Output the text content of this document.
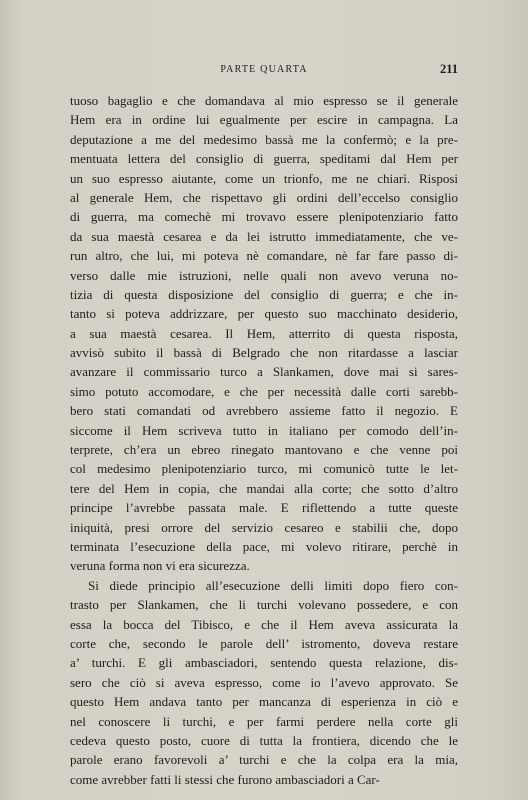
PARTE QUARTA	211
tuoso bagaglio e che domandava al mio espresso se il generale
Hem era in ordine lui egualmente per escire in campagna. La
deputazione a me del medesimo bassà me la confermò; e la pre-
mentuata lettera del consiglio di guerra, speditami dal Hem per
un suo espresso aiutante, come un trionfo, me ne chiarì. Risposi
al generale Hem, che rispettavo gli ordini dell’eccelso consiglio
di guerra, ma comechè mi trovavo essere plenipotenziario fatto
da sua maestà cesarea e da lei istrutto immediatamente, che ve-
run altro, che lui, mi poteva nè comandare, nè far fare passo di-
verso dalle mie istruzioni, nelle quali non avevo veruna no-
tizia di questa disposizione del consiglio di guerra; e che in-
tanto si poteva addrizzare, per questo suo macchinato desiderio,
a sua maestà cesarea. Il Hem, atterrito di questa risposta,
avvisò subito il bassà di Belgrado che non ritardasse a lasciar
avanzare il commissario turco a Slankamen, dove mai si sares-
simo potuto accomodare, e che per necessità dalle corti sarebb-
bero stati comandati od avrebbero assieme fatto il negozio. E
siccome il Hem scriveva tutto in italiano per comodo dell’in-
terprete, ch’era un ebreo rinegato mantovano e che venne poi
col medesimo plenipotenziario turco, mi comunicò tutte le let-
tere del Hem in copia, che mandai alla corte; che sotto d’altro
principe l’avrebbe passata male. E riflettendo a tutte queste
iniquità, presi orrore del servizio cesareo e stabilii che, dopo
terminata l’esecuzione della pace, mi volevo ritirare, perchè in
veruna forma non vi era sicurezza.
Si diede principio all’esecuzione delli limiti dopo fiero con-
trasto per Slankamen, che li turchi volevano possedere, e con
essa la bocca del Tibisco, e che il Hem aveva assicurata la
corte che, secondo le parole dell’ istromento, doveva restare
a’ turchi. E gli ambasciadori, sentendo questa relazione, dis-
sero che ciò si aveva espresso, come io l’avevo approvato. Se
questo Hem andava tanto per mancanza di esperienza in ciò e
nel conoscere li turchi, e per farmi perdere nella corte gli
cedeva questo posto, cuore di tutta la frontiera, dicendo che le
parole erano favorevoli a’ turchi e che la colpa era la mia,
come avrebber fatti li stessi che furono ambasciadori a Car-
